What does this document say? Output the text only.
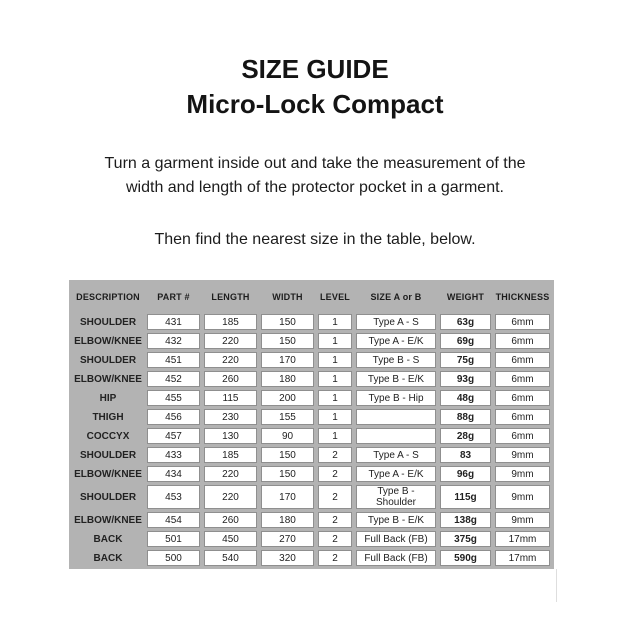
SIZE GUIDE
Micro-Lock Compact
Turn a garment inside out and take the measurement of the
width and length of the protector pocket in a garment.
Then find the nearest size in the table, below.
DESCRIPTION	PART #	LENGTH	WIDTH	LEVEL	SIZE A or B	WEIGHT	THICKNESS
SHOULDER	431	185	150	1	Type A - S	63g	6mm
ELBOW/KNEE	432	220	150	1	Type A - E/K	69g	6mm
SHOULDER	451	220	170	1	Type B - S	75g	6mm
ELBOW/KNEE	452	260	180	1	Type B - E/K	93g	6mm
HIP	455	115	200	1	Type B - Hip	48g	6mm
THIGH	456	230	155	1		88g	6mm
COCCYX	457	130	90	1		28g	6mm
SHOULDER	433	185	150	2	Type A - S	83	9mm
ELBOW/KNEE	434	220	150	2	Type A - E/K	96g	9mm
SHOULDER	453	220	170	2	Type B - Shoulder	115g	9mm
ELBOW/KNEE	454	260	180	2	Type B - E/K	138g	9mm
BACK	501	450	270	2	Full Back (FB)	375g	17mm
BACK	500	540	320	2	Full Back (FB)	590g	17mm
